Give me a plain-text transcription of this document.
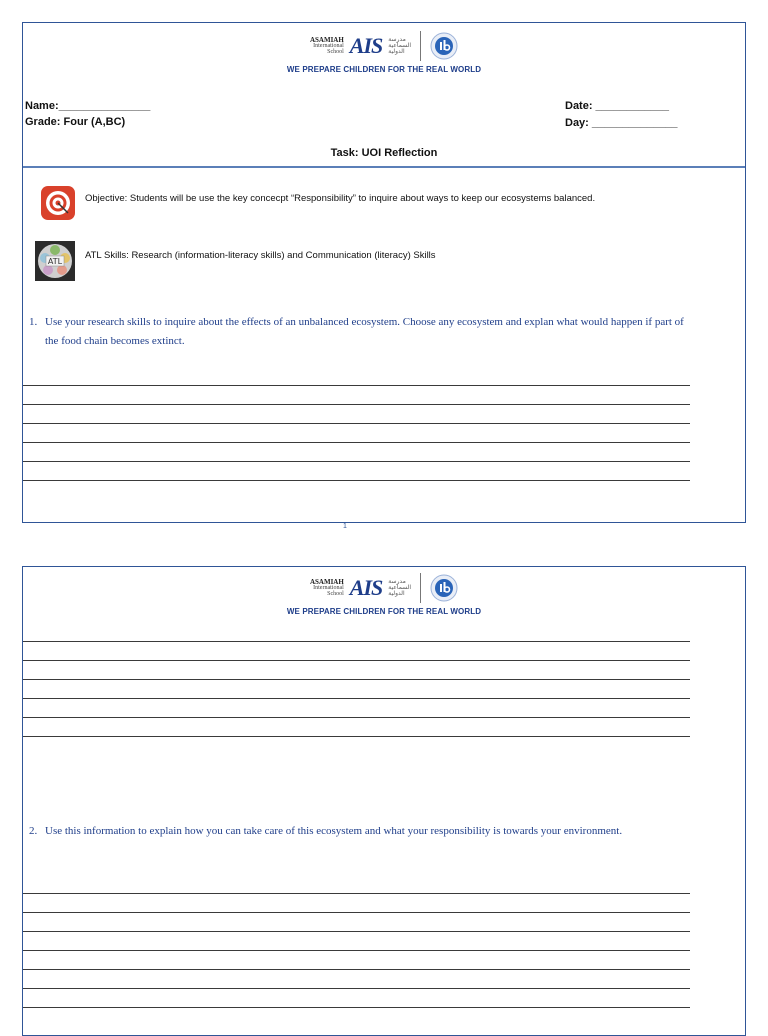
ASAMIAH
International
School AIS مدرسة
السماعية
الدولية
WE PREPARE CHILDREN FOR THE REAL WORLD
Name:_______________
Grade: Four (A,BC)
Date: ____________
Day: ______________
Task: UOI Reflection
Objective: Students will be use the key concecpt “Responsibility” to inquire about ways to keep our ecosystems balanced.
ATL
ATL Skills: Research (information-literacy skills) and Communication (literacy) Skills
1. Use your research skills to inquire about the effects of an unbalanced ecosystem. Choose any ecosystem and explan what would happen if part of the food chain becomes extinct.
1
ASAMIAH
International
School AIS مدرسة
السماعية
الدولية
WE PREPARE CHILDREN FOR THE REAL WORLD
2. Use this information to explain how you can take care of this ecosystem and what your responsibility is towards your environment.
